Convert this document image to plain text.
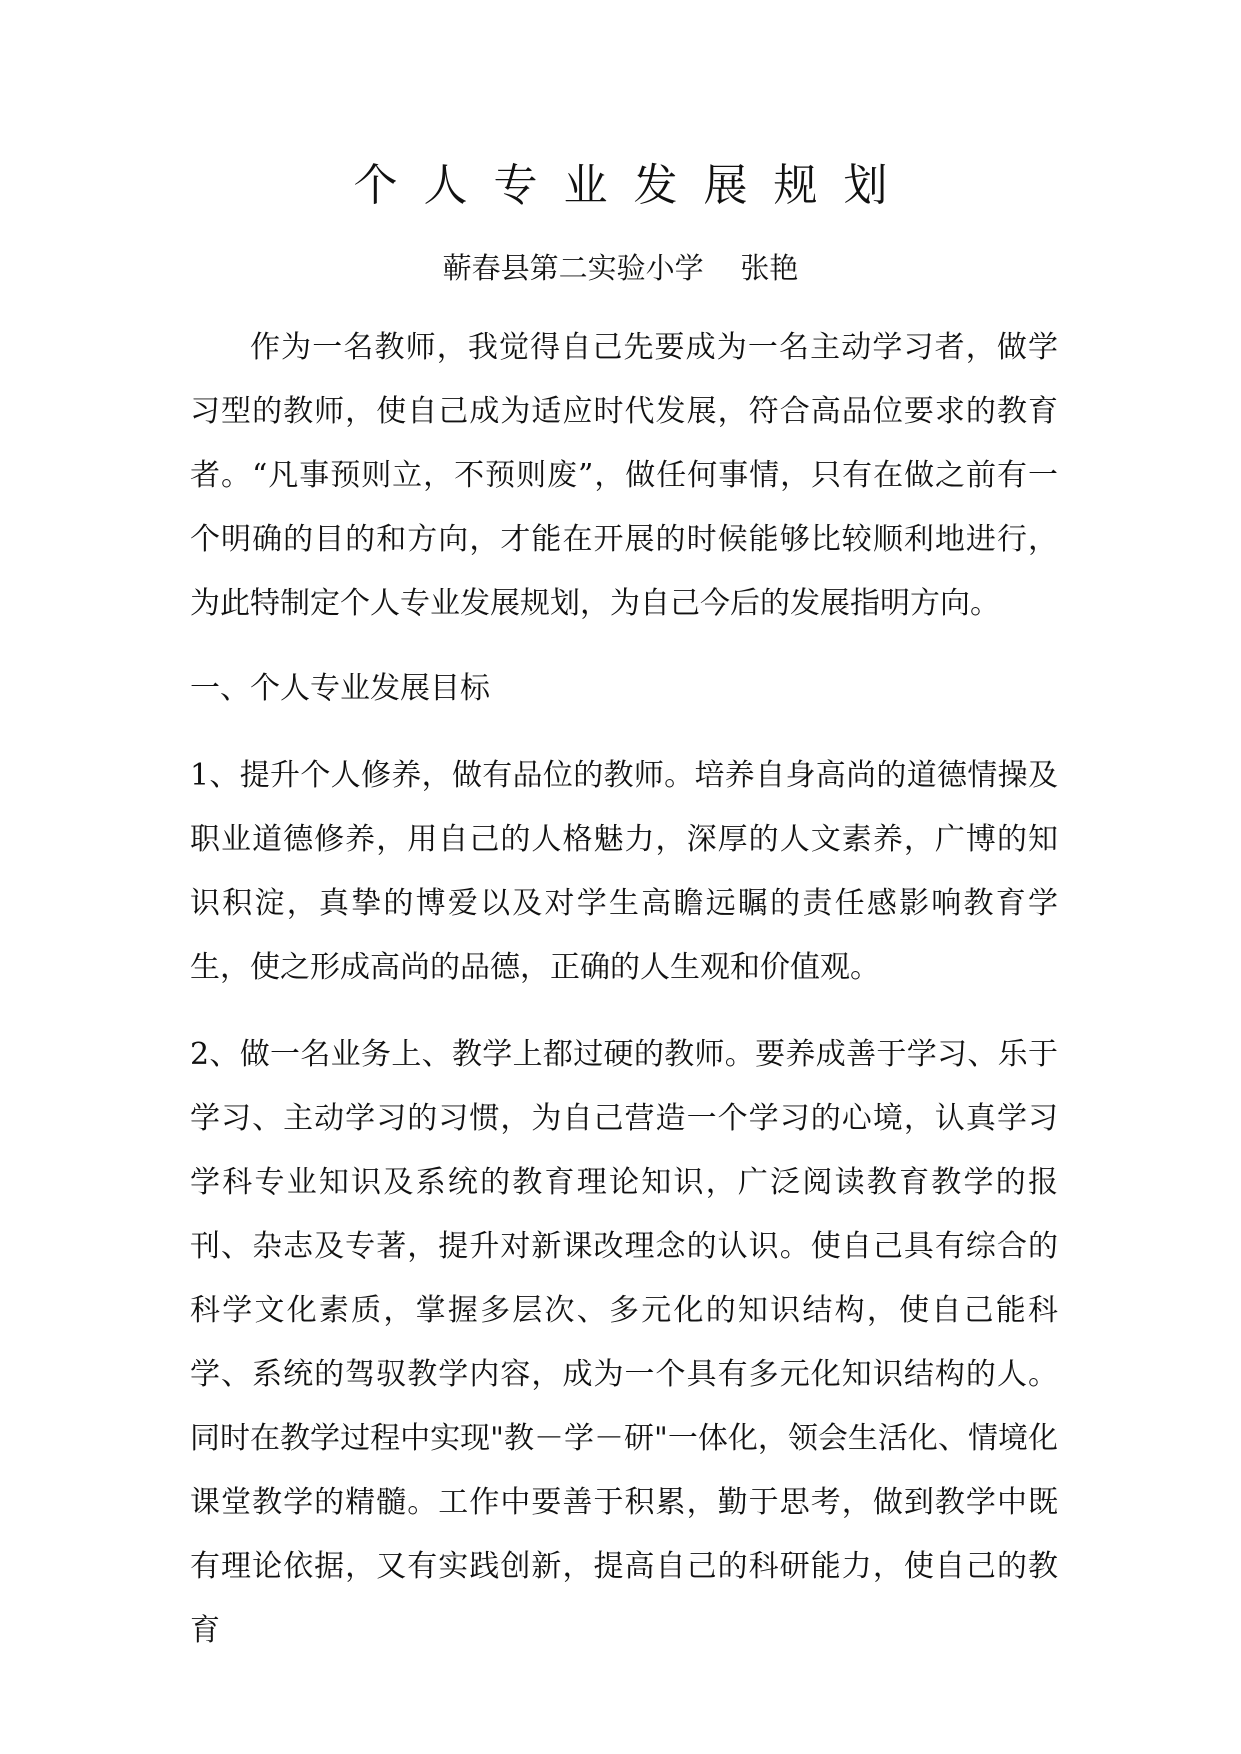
个人专业发展规划
蕲春县第二实验小学    张艳

作为一名教师，我觉得自己先要成为一名主动学习者，做学习型的教师，使自己成为适应时代发展，符合高品位要求的教育者。“凡事预则立，不预则废”，做任何事情，只有在做之前有一个明确的目的和方向，才能在开展的时候能够比较顺利地进行，为此特制定个人专业发展规划，为自己今后的发展指明方向。

一、个人专业发展目标

1、提升个人修养，做有品位的教师。培养自身高尚的道德情操及职业道德修养，用自己的人格魅力，深厚的人文素养，广博的知识积淀，真挚的博爱以及对学生高瞻远瞩的责任感影响教育学生，使之形成高尚的品德，正确的人生观和价值观。

2、做一名业务上、教学上都过硬的教师。要养成善于学习、乐于学习、主动学习的习惯，为自己营造一个学习的心境，认真学习学科专业知识及系统的教育理论知识，广泛阅读教育教学的报刊、杂志及专著，提升对新课改理念的认识。使自己具有综合的科学文化素质，掌握多层次、多元化的知识结构，使自己能科学、系统的驾驭教学内容，成为一个具有多元化知识结构的人。同时在教学过程中实现"教－学－研"一体化，领会生活化、情境化课堂教学的精髓。工作中要善于积累，勤于思考，做到教学中既有理论依据，又有实践创新，提高自己的科研能力，使自己的教育
